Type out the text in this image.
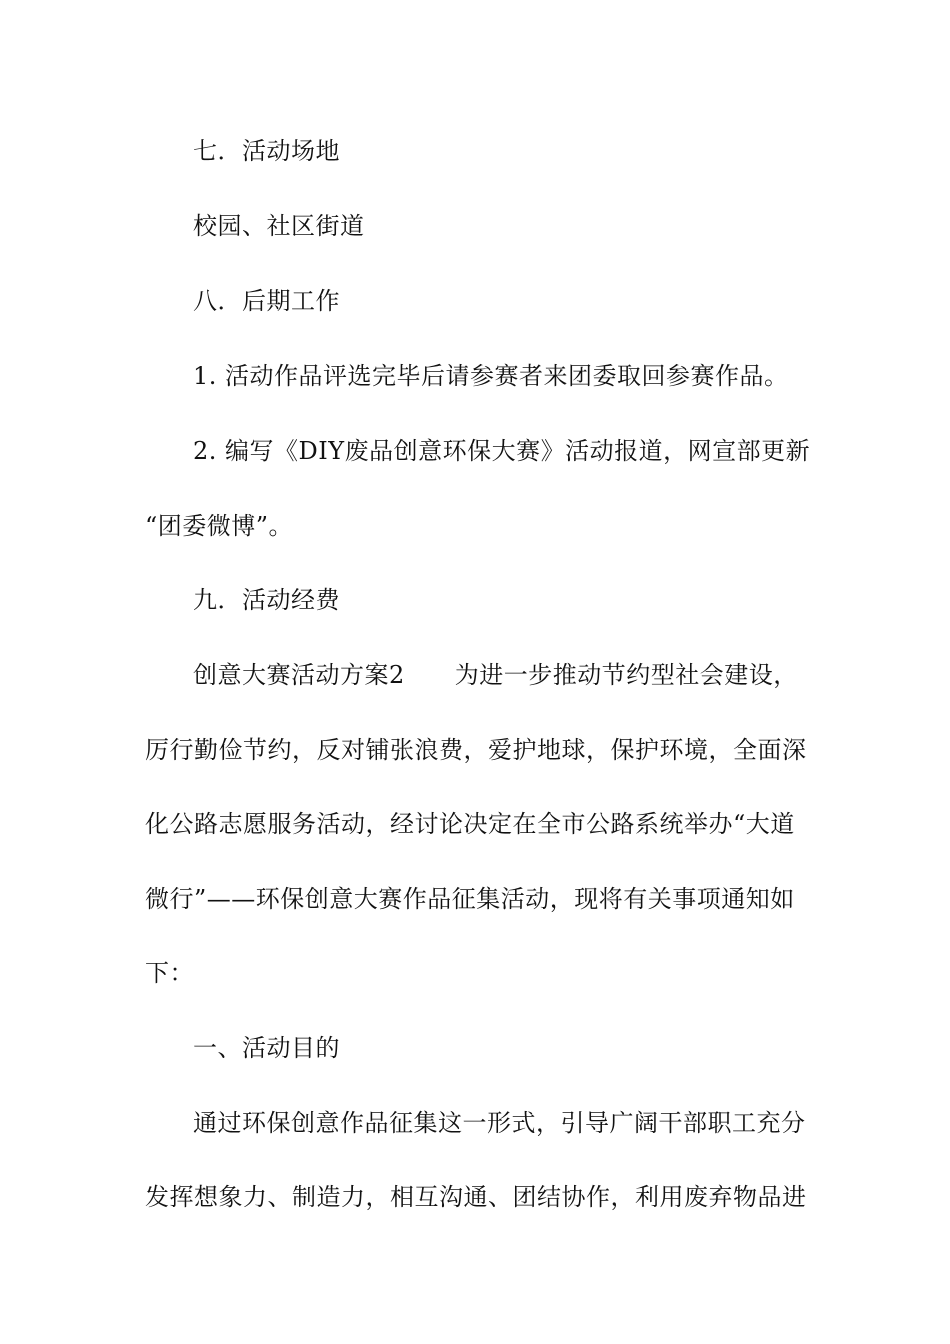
七．活动场地
校园、社区街道
八．后期工作
1. 活动作品评选完毕后请参赛者来团委取回参赛作品。
2. 编写《DIY废品创意环保大赛》活动报道，网宣部更新
“团委微博”。
九．活动经费
创意大赛活动方案2 为进一步推动节约型社会建设，
厉行勤俭节约，反对铺张浪费，爱护地球，保护环境，全面深
化公路志愿服务活动，经讨论决定在全市公路系统举办“大道
微行”——环保创意大赛作品征集活动，现将有关事项通知如
下：
一、活动目的
通过环保创意作品征集这一形式，引导广阔干部职工充分
发挥想象力、制造力，相互沟通、团结协作，利用废弃物品进
